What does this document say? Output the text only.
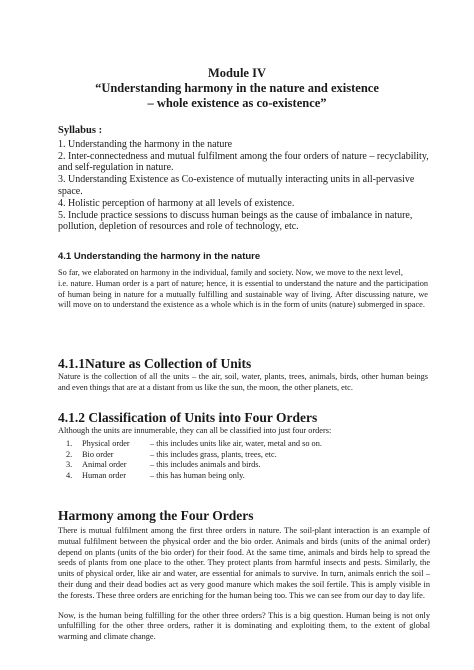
Module IV
“Understanding harmony in the nature and existence
– whole existence as co-existence”
Syllabus :

1. Understanding the harmony in the nature

2. Inter-connectedness and mutual fulfilment among the four orders of nature – recyclability, and self-regulation in nature.

3. Understanding Existence as Co-existence of mutually interacting units in all-pervasive space.

4. Holistic perception of harmony at all levels of existence.

5. Include practice sessions to discuss human beings as the cause of imbalance in nature, pollution, depletion of resources and role of technology, etc.

4.1 Understanding the harmony in the nature

So far, we elaborated on harmony in the individual, family and society. Now, we move to the next level,

i.e. nature. Human order is a part of nature; hence, it is essential to understand the nature and the participation of human being in nature for a mutually fulfilling and sustainable way of living. After discussing nature, we will move on to understand the existence as a whole which is in the form of units (nature) submerged in space.

4.1.1Nature as Collection of Units

Nature is the collection of all the units – the air, soil, water, plants, trees, animals, birds, other human beings and even things that are at a distant from us like the sun, the moon, the other planets, etc.

4.1.2 Classification of Units into Four Orders

Although the units are innumerable, they can all be classified into just four orders:

1.	Physical order	– this includes units like air, water, metal and so on.
2.	Bio order	– this includes grass, plants, trees, etc.
3.	Animal order	– this includes animals and birds.
4.	Human order	– this has human being only.
Harmony among the Four Orders

There is mutual fulfilment among the first three orders in nature. The soil-plant interaction is an example of mutual fulfilment between the physical order and the bio order. Animals and birds (units of the animal order) depend on plants (units of the bio order) for their food. At the same time, animals and birds help to spread the seeds of plants from one place to the other. They protect plants from harmful insects and pests. Similarly, the units of physical order, like air and water, are essential for animals to survive. In turn, animals enrich the soil – their dung and their dead bodies act as very good manure which makes the soil fertile. This is amply visible in the forests. These three orders are enriching for the human being too. This we can see from our day to day life.

Now, is the human being fulfilling for the other three orders? This is a big question. Human being is not only unfulfilling for the other three orders, rather it is dominating and exploiting them, to the extent of global warming and climate change.
